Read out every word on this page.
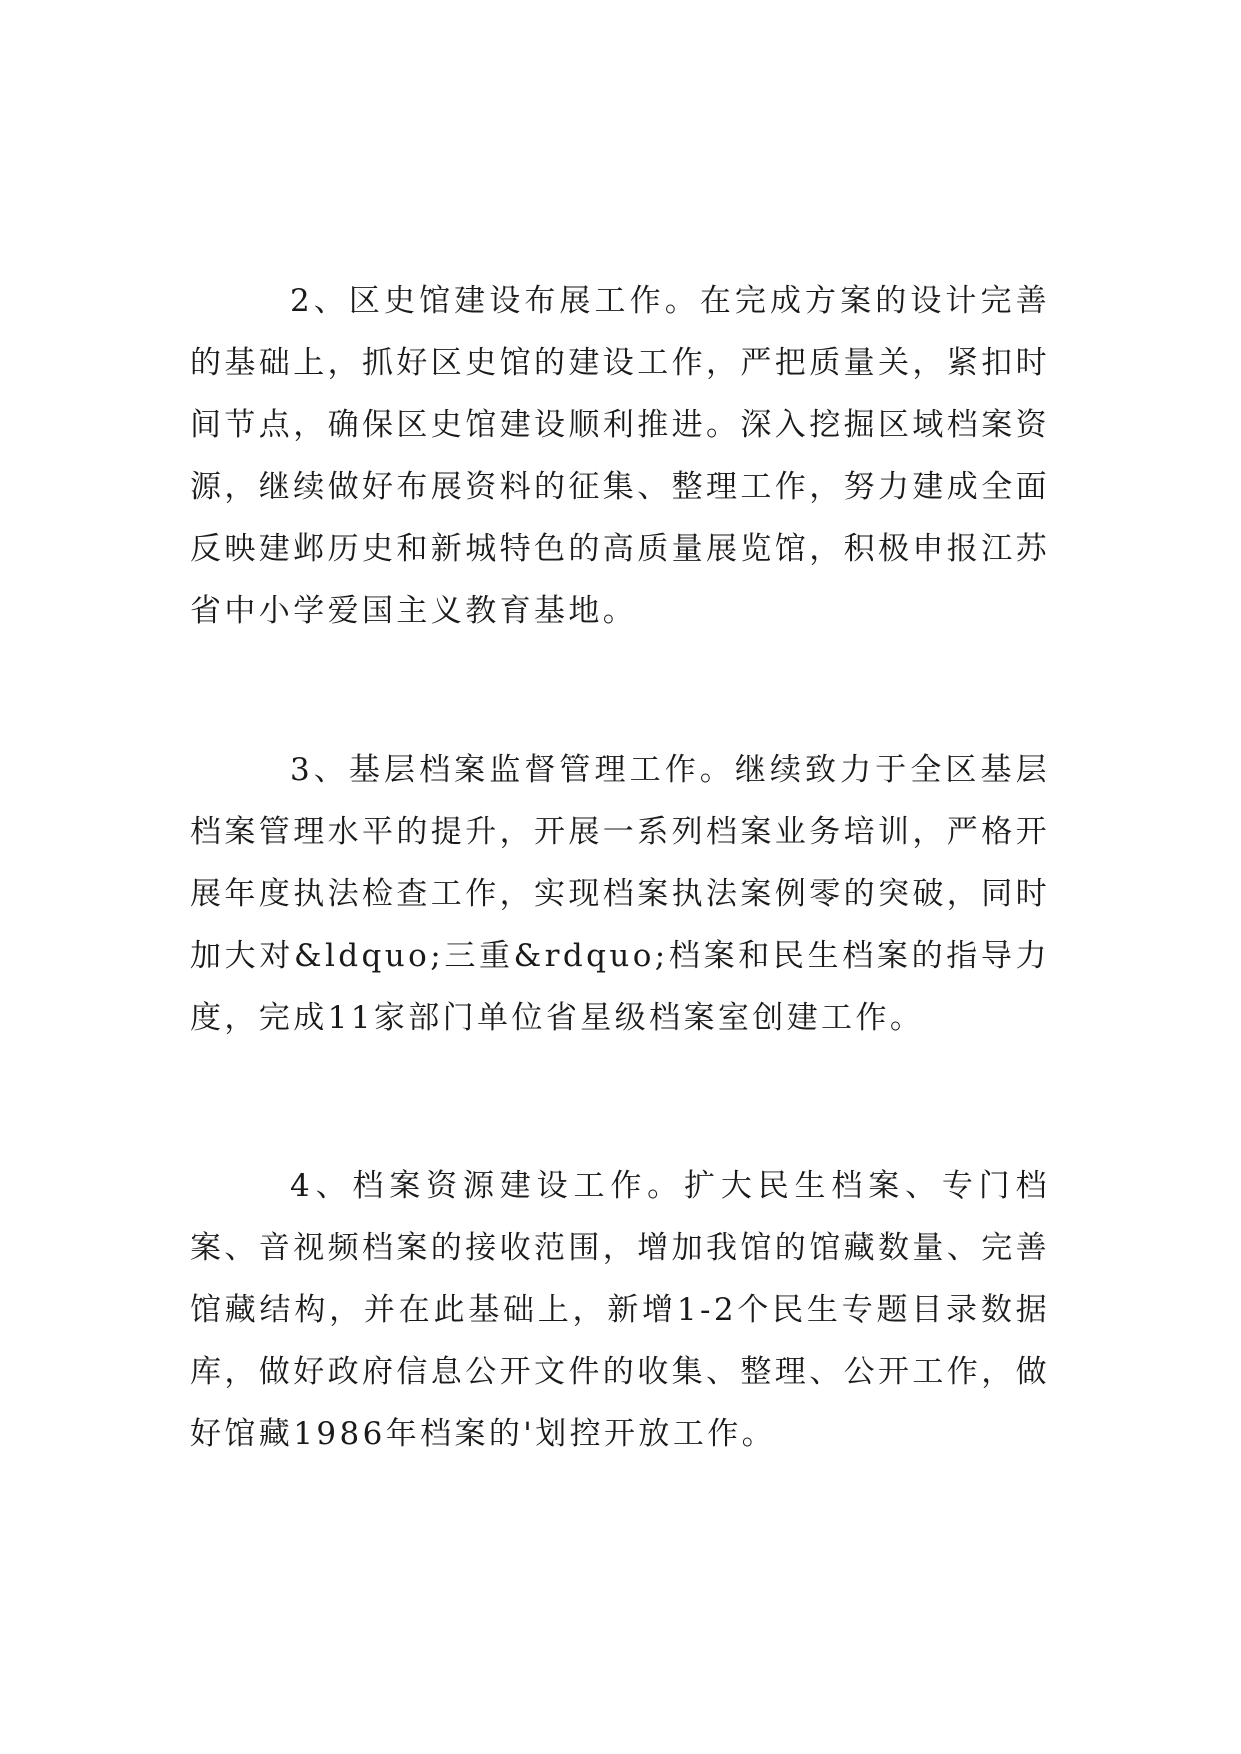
2、区史馆建设布展工作。在完成方案的设计完善的基础上，抓好区史馆的建设工作，严把质量关，紧扣时间节点，确保区史馆建设顺利推进。深入挖掘区域档案资源，继续做好布展资料的征集、整理工作，努力建成全面反映建邺历史和新城特色的高质量展览馆，积极申报江苏省中小学爱国主义教育基地。

3、基层档案监督管理工作。继续致力于全区基层档案管理水平的提升，开展一系列档案业务培训，严格开展年度执法检查工作，实现档案执法案例零的突破，同时加大对&ldquo;三重&rdquo;档案和民生档案的指导力度，完成11家部门单位省星级档案室创建工作。

4、档案资源建设工作。扩大民生档案、专门档案、音视频档案的接收范围，增加我馆的馆藏数量、完善馆藏结构，并在此基础上，新增1-2个民生专题目录数据库，做好政府信息公开文件的收集、整理、公开工作，做好馆藏1986年档案的'划控开放工作。
